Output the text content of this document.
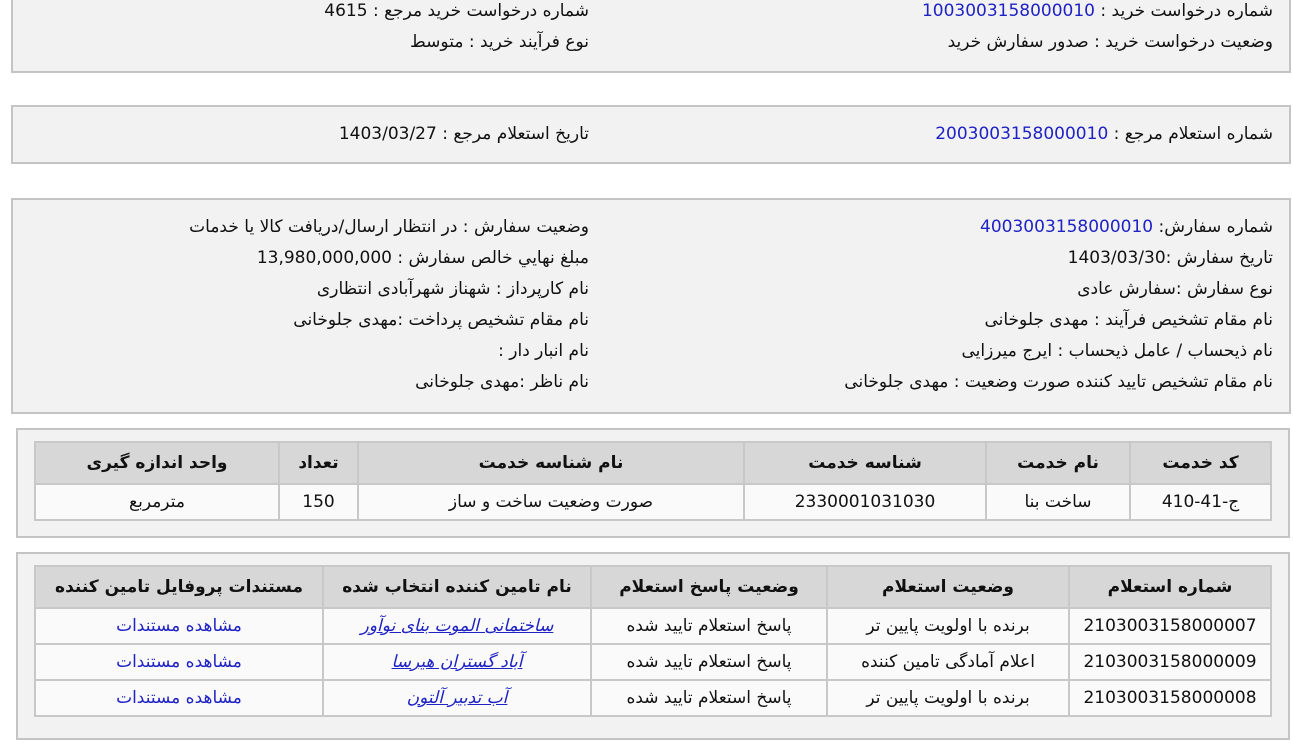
شماره درخواست خرید : 1003003158000010
شماره درخواست خرید مرجع : 4615
وضعیت درخواست خرید : صدور سفارش خرید
نوع فرآیند خرید : متوسط
شماره استعلام مرجع : 2003003158000010
تاریخ استعلام مرجع : 1403/03/27
شماره سفارش: 4003003158000010
وضعیت سفارش : در انتظار ارسال/دریافت کالا یا خدمات
تاریخ سفارش :1403/03/30
مبلغ نهايي خالص سفارش : 13,980,000,000
نوع سفارش :سفارش عادی
نام کارپرداز : شهناز شهرآبادی انتظاری
نام مقام تشخیص فرآیند : مهدی جلوخانی
نام مقام تشخیص پرداخت :مهدی جلوخانی
نام ذیحساب / عامل ذیحساب : ایرج میرزایی
نام انبار دار :
نام مقام تشخیص تایید کننده صورت وضعیت : مهدی جلوخانی
نام ناظر :مهدی جلوخانی
کد خدمت	نام خدمت	شناسه خدمت	نام شناسه خدمت	تعداد	واحد اندازه گیری
ج-41-410	ساخت بنا	2330001031030	صورت وضعیت ساخت و ساز	150	مترمربع
شماره استعلام	وضعیت استعلام	وضعیت پاسخ استعلام	نام تامین کننده انتخاب شده	مستندات پروفایل تامین کننده
2103003158000007	برنده با اولویت پایین تر	پاسخ استعلام تایید شده	ساختمانی الموت بنای نوآور	مشاهده مستندات
2103003158000009	اعلام آمادگی تامین کننده	پاسخ استعلام تایید شده	آباد گستران هیرسا	مشاهده مستندات
2103003158000008	برنده با اولویت پایین تر	پاسخ استعلام تایید شده	آب تدبیر آلتون	مشاهده مستندات
